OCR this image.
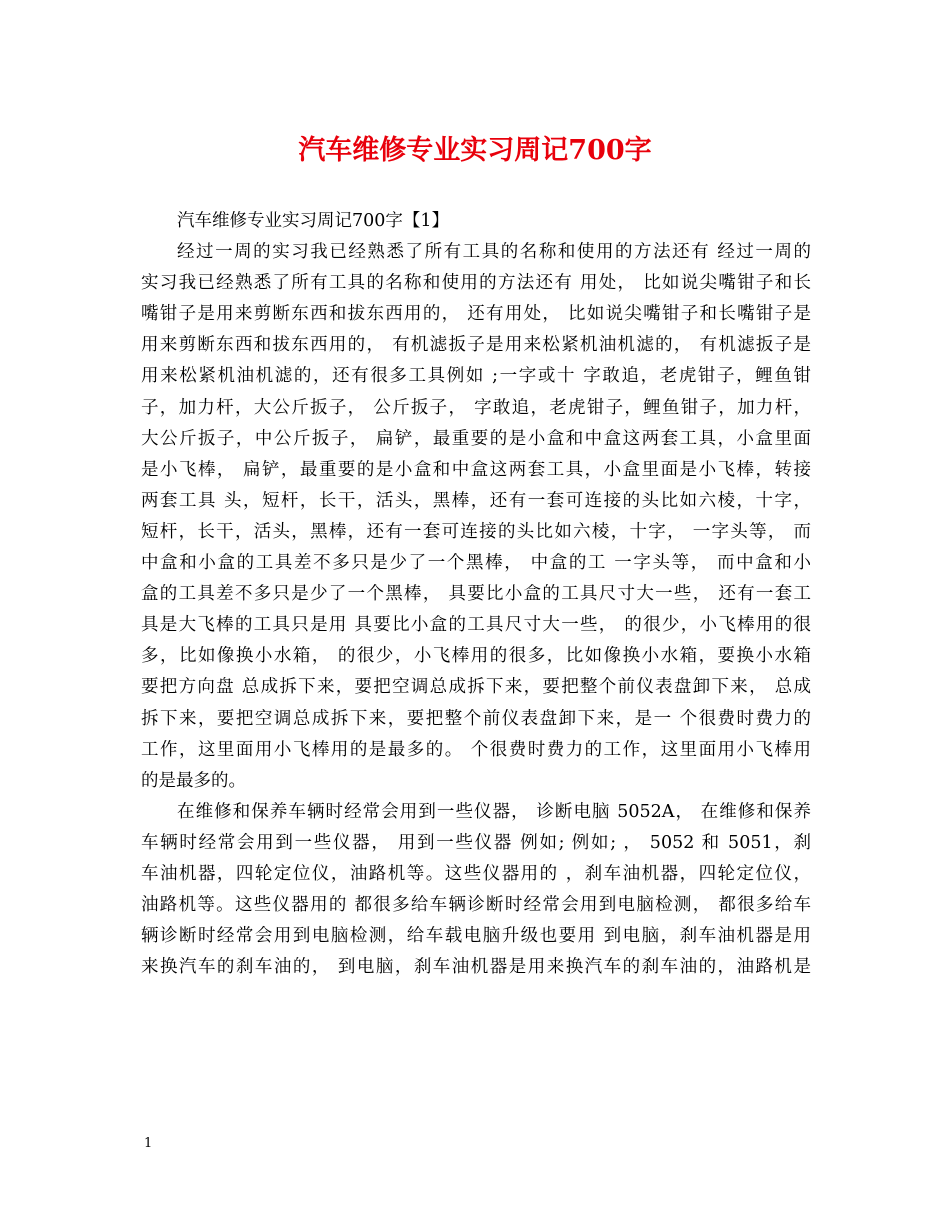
汽车维修专业实习周记700字
汽车维修专业实习周记700字【1】
经过一周的实习我已经熟悉了所有工具的名称和使用的方法还有 经过一周的
实习我已经熟悉了所有工具的名称和使用的方法还有 用处， 比如说尖嘴钳子和长
嘴钳子是用来剪断东西和拔东西用的， 还有用处， 比如说尖嘴钳子和长嘴钳子是
用来剪断东西和拔东西用的， 有机滤扳子是用来松紧机油机滤的， 有机滤扳子是
用来松紧机油机滤的，还有很多工具例如 ;一字或十 字敢追，老虎钳子，鲤鱼钳
子，加力杆，大公斤扳子， 公斤扳子， 字敢追，老虎钳子，鲤鱼钳子，加力杆，
大公斤扳子，中公斤扳子， 扁铲，最重要的是小盒和中盒这两套工具，小盒里面
是小飞棒， 扁铲，最重要的是小盒和中盒这两套工具，小盒里面是小飞棒，转接
两套工具 头，短杆，长干，活头，黑棒，还有一套可连接的头比如六棱，十字，
短杆，长干，活头，黑棒，还有一套可连接的头比如六棱，十字， 一字头等， 而
中盒和小盒的工具差不多只是少了一个黑棒， 中盒的工 一字头等， 而中盒和小
盒的工具差不多只是少了一个黑棒， 具要比小盒的工具尺寸大一些， 还有一套工
具是大飞棒的工具只是用 具要比小盒的工具尺寸大一些， 的很少，小飞棒用的很
多，比如像换小水箱， 的很少，小飞棒用的很多，比如像换小水箱，要换小水箱
要把方向盘 总成拆下来，要把空调总成拆下来，要把整个前仪表盘卸下来， 总成
拆下来，要把空调总成拆下来，要把整个前仪表盘卸下来，是一 个很费时费力的
工作，这里面用小飞棒用的是最多的。 个很费时费力的工作，这里面用小飞棒用
的是最多的。
在维修和保养车辆时经常会用到一些仪器， 诊断电脑 5052A， 在维修和保养
车辆时经常会用到一些仪器， 用到一些仪器 例如; 例如; ， 5052 和 5051，刹
车油机器，四轮定位仪，油路机等。这些仪器用的 ，刹车油机器，四轮定位仪，
油路机等。这些仪器用的 都很多给车辆诊断时经常会用到电脑检测， 都很多给车
辆诊断时经常会用到电脑检测，给车载电脑升级也要用 到电脑，刹车油机器是用
来换汽车的刹车油的， 到电脑，刹车油机器是用来换汽车的刹车油的，油路机是
1
